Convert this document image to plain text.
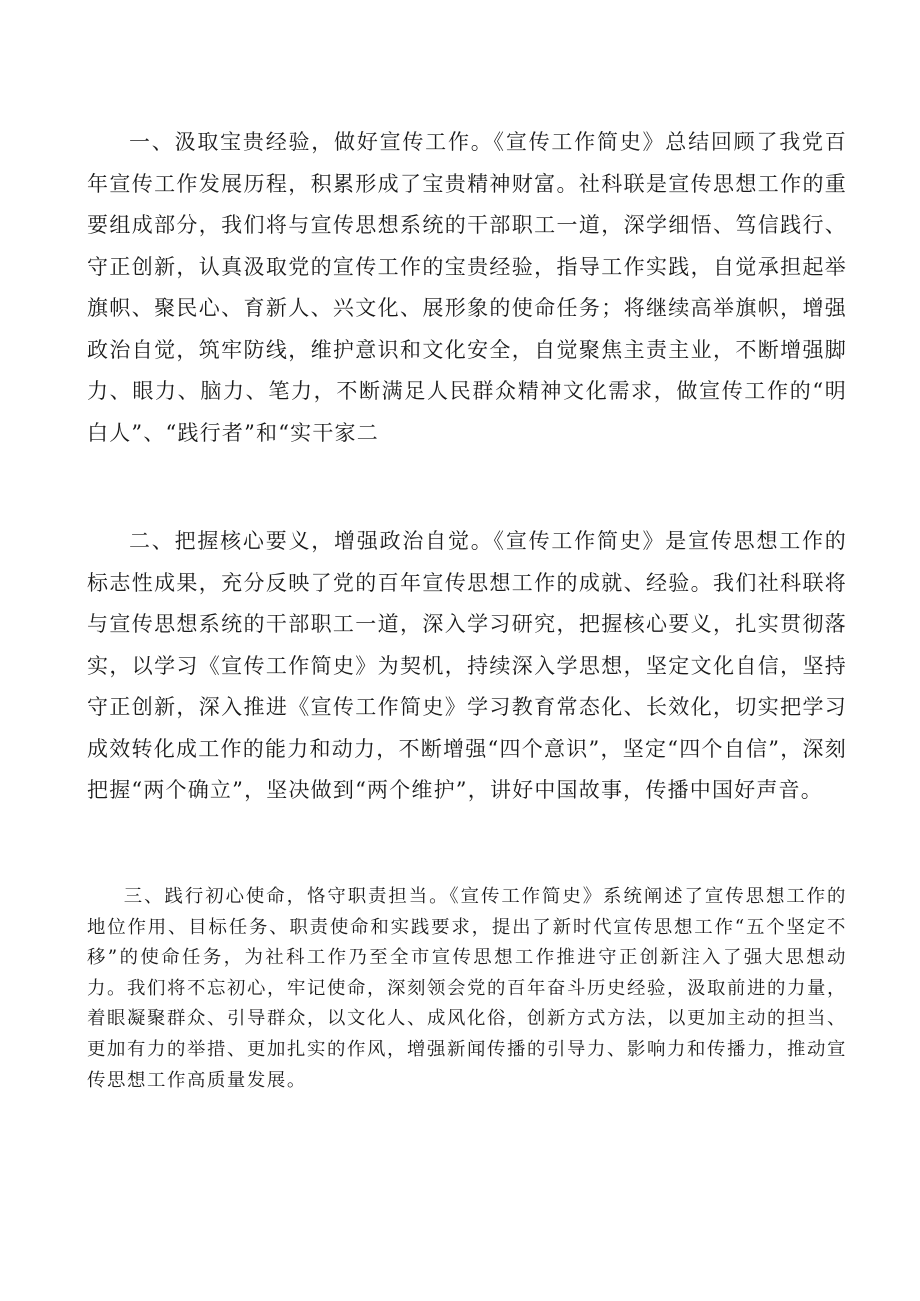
一、汲取宝贵经验，做好宣传工作。《宣传工作简史》总结回顾了我党百年宣传工作发展历程，积累形成了宝贵精神财富。社科联是宣传思想工作的重要组成部分，我们将与宣传思想系统的干部职工一道，深学细悟、笃信践行、守正创新，认真汲取党的宣传工作的宝贵经验，指导工作实践，自觉承担起举旗帜、聚民心、育新人、兴文化、展形象的使命任务；将继续高举旗帜，增强政治自觉，筑牢防线，维护意识和文化安全，自觉聚焦主责主业，不断增强脚力、眼力、脑力、笔力，不断满足人民群众精神文化需求，做宣传工作的“明白人”、“践行者”和“实干家二

二、把握核心要义，增强政治自觉。《宣传工作简史》是宣传思想工作的标志性成果，充分反映了党的百年宣传思想工作的成就、经验。我们社科联将与宣传思想系统的干部职工一道，深入学习研究，把握核心要义，扎实贯彻落实，以学习《宣传工作简史》为契机，持续深入学思想，坚定文化自信，坚持守正创新，深入推进《宣传工作简史》学习教育常态化、长效化，切实把学习成效转化成工作的能力和动力，不断增强“四个意识”，坚定“四个自信”，深刻把握“两个确立”，坚决做到“两个维护”，讲好中国故事，传播中国好声音。

三、践行初心使命，恪守职责担当。《宣传工作简史》系统阐述了宣传思想工作的地位作用、目标任务、职责使命和实践要求，提出了新时代宣传思想工作“五个坚定不移”的使命任务，为社科工作乃至全市宣传思想工作推进守正创新注入了强大思想动力。我们将不忘初心，牢记使命，深刻领会党的百年奋斗历史经验，汲取前进的力量，着眼凝聚群众、引导群众，以文化人、成风化俗，创新方式方法，以更加主动的担当、更加有力的举措、更加扎实的作风，增强新闻传播的引导力、影响力和传播力，推动宣传思想工作高质量发展。
